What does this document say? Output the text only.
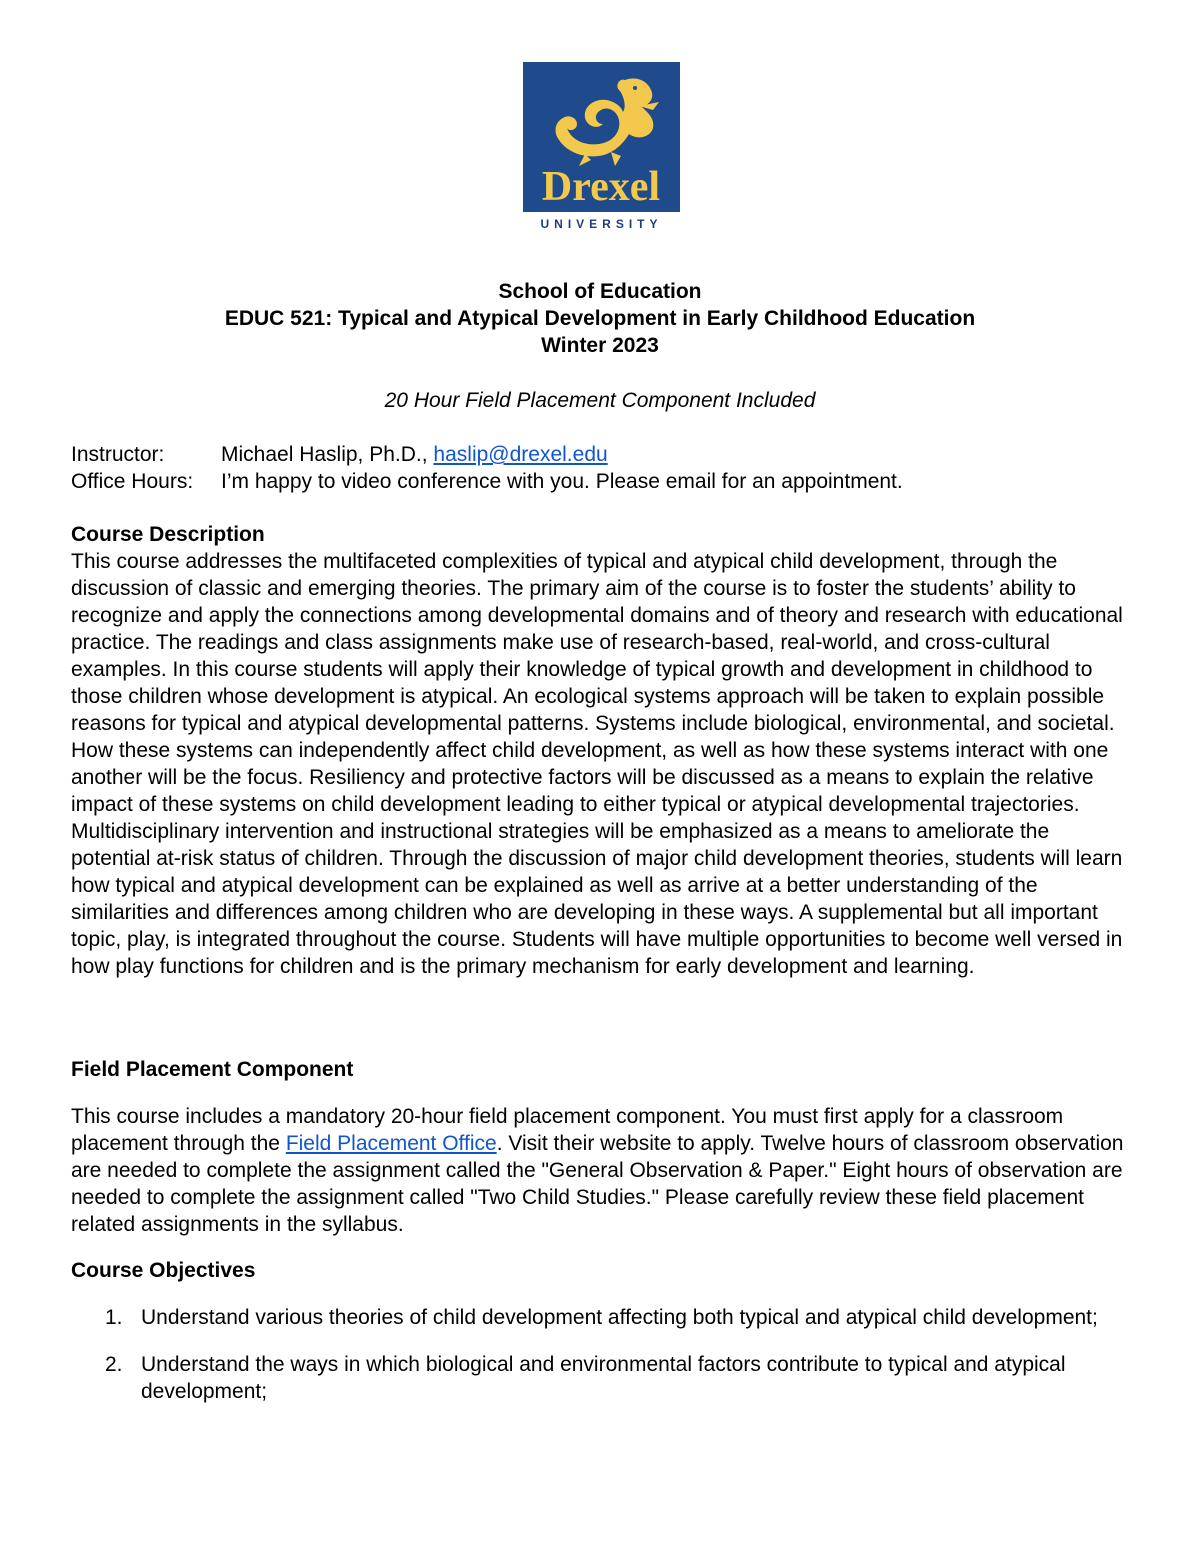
Drexel
UNIVERSITY
School of Education
EDUC 521: Typical and Atypical Development in Early Childhood Education
Winter 2023
20 Hour Field Placement Component Included
Instructor:	Michael Haslip, Ph.D., haslip@drexel.edu
Office Hours:	I’m happy to video conference with you. Please email for an appointment.
Course Description
This course addresses the multifaceted complexities of typical and atypical child development, through the discussion of classic and emerging theories. The primary aim of the course is to foster the students’ ability to recognize and apply the connections among developmental domains and of theory and research with educational practice. The readings and class assignments make use of research-based, real-world, and cross-cultural examples. In this course students will apply their knowledge of typical growth and development in childhood to those children whose development is atypical. An ecological systems approach will be taken to explain possible reasons for typical and atypical developmental patterns. Systems include biological, environmental, and societal. How these systems can independently affect child development, as well as how these systems interact with one another will be the focus. Resiliency and protective factors will be discussed as a means to explain the relative impact of these systems on child development leading to either typical or atypical developmental trajectories. Multidisciplinary intervention and instructional strategies will be emphasized as a means to ameliorate the potential at-risk status of children. Through the discussion of major child development theories, students will learn how typical and atypical development can be explained as well as arrive at a better understanding of the similarities and differences among children who are developing in these ways. A supplemental but all important topic, play, is integrated throughout the course. Students will have multiple opportunities to become well versed in how play functions for children and is the primary mechanism for early development and learning.
Field Placement Component
This course includes a mandatory 20-hour field placement component. You must first apply for a classroom placement through the Field Placement Office. Visit their website to apply. Twelve hours of classroom observation are needed to complete the assignment called the "General Observation & Paper." Eight hours of observation are needed to complete the assignment called "Two Child Studies." Please carefully review these field placement related assignments in the syllabus.
Course Objectives
1. Understand various theories of child development affecting both typical and atypical child development;
2. Understand the ways in which biological and environmental factors contribute to typical and atypical development;
